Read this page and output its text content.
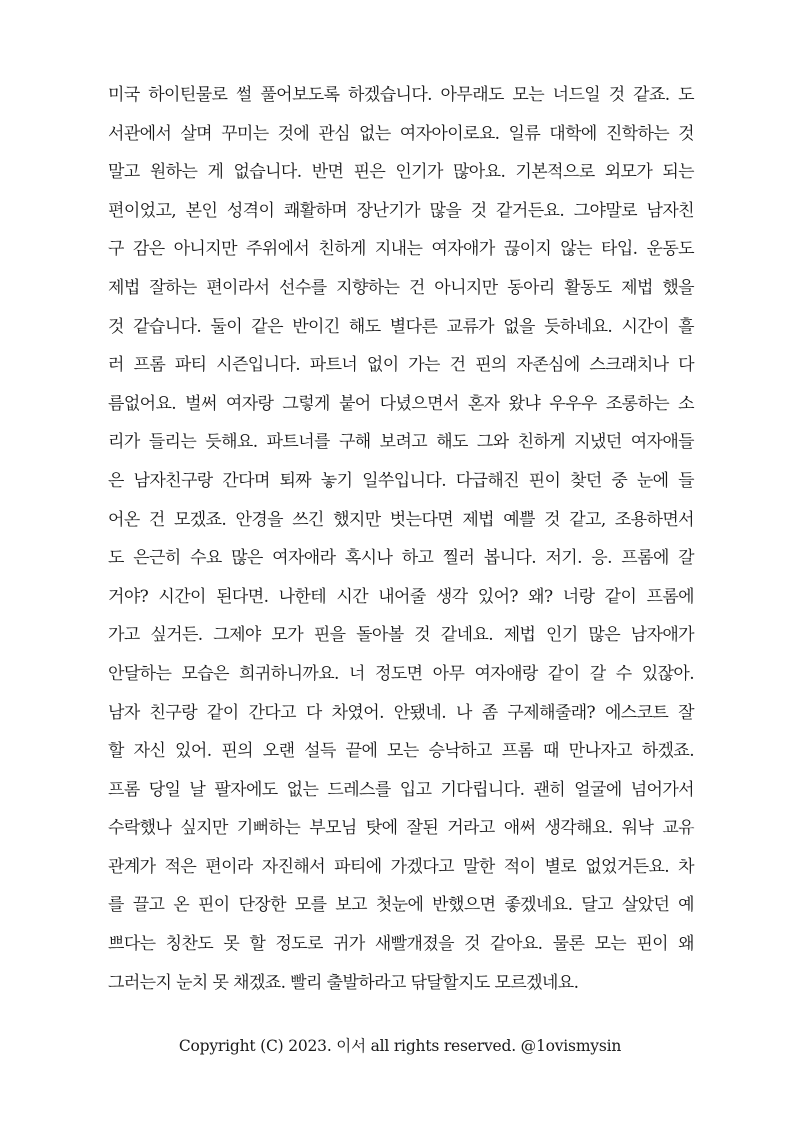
미국 하이틴물로 썰 풀어보도록 하겠습니다. 아무래도 모는 너드일 것 같죠. 도
서관에서 살며 꾸미는 것에 관심 없는 여자아이로요. 일류 대학에 진학하는 것
말고 원하는 게 없습니다. 반면 핀은 인기가 많아요. 기본적으로 외모가 되는
편이었고, 본인 성격이 쾌활하며 장난기가 많을 것 같거든요. 그야말로 남자친
구 감은 아니지만 주위에서 친하게 지내는 여자애가 끊이지 않는 타입. 운동도
제법 잘하는 편이라서 선수를 지향하는 건 아니지만 동아리 활동도 제법 했을
것 같습니다. 둘이 같은 반이긴 해도 별다른 교류가 없을 듯하네요. 시간이 흘
러 프롬 파티 시즌입니다. 파트너 없이 가는 건 핀의 자존심에 스크래치나 다
름없어요. 벌써 여자랑 그렇게 붙어 다녔으면서 혼자 왔냐 우우우 조롱하는 소
리가 들리는 듯해요. 파트너를 구해 보려고 해도 그와 친하게 지냈던 여자애들
은 남자친구랑 간다며 퇴짜 놓기 일쑤입니다. 다급해진 핀이 찾던 중 눈에 들
어온 건 모겠죠. 안경을 쓰긴 했지만 벗는다면 제법 예쁠 것 같고, 조용하면서
도 은근히 수요 많은 여자애라 혹시나 하고 찔러 봅니다. 저기. 응. 프롬에 갈
거야? 시간이 된다면. 나한테 시간 내어줄 생각 있어? 왜? 너랑 같이 프롬에
가고 싶거든. 그제야 모가 핀을 돌아볼 것 같네요. 제법 인기 많은 남자애가
안달하는 모습은 희귀하니까요. 너 정도면 아무 여자애랑 같이 갈 수 있잖아.
남자 친구랑 같이 간다고 다 차였어. 안됐네. 나 좀 구제해줄래? 에스코트 잘
할 자신 있어. 핀의 오랜 설득 끝에 모는 승낙하고 프롬 때 만나자고 하겠죠.
프롬 당일 날 팔자에도 없는 드레스를 입고 기다립니다. 괜히 얼굴에 넘어가서
수락했나 싶지만 기뻐하는 부모님 탓에 잘된 거라고 애써 생각해요. 워낙 교유
관계가 적은 편이라 자진해서 파티에 가겠다고 말한 적이 별로 없었거든요. 차
를 끌고 온 핀이 단장한 모를 보고 첫눈에 반했으면 좋겠네요. 달고 살았던 예
쁘다는 칭찬도 못 할 정도로 귀가 새빨개졌을 것 같아요. 물론 모는 핀이 왜
그러는지 눈치 못 채겠죠. 빨리 출발하라고 닦달할지도 모르겠네요.
Copyright (C) 2023. 이서 all rights reserved. @1ovismysin
